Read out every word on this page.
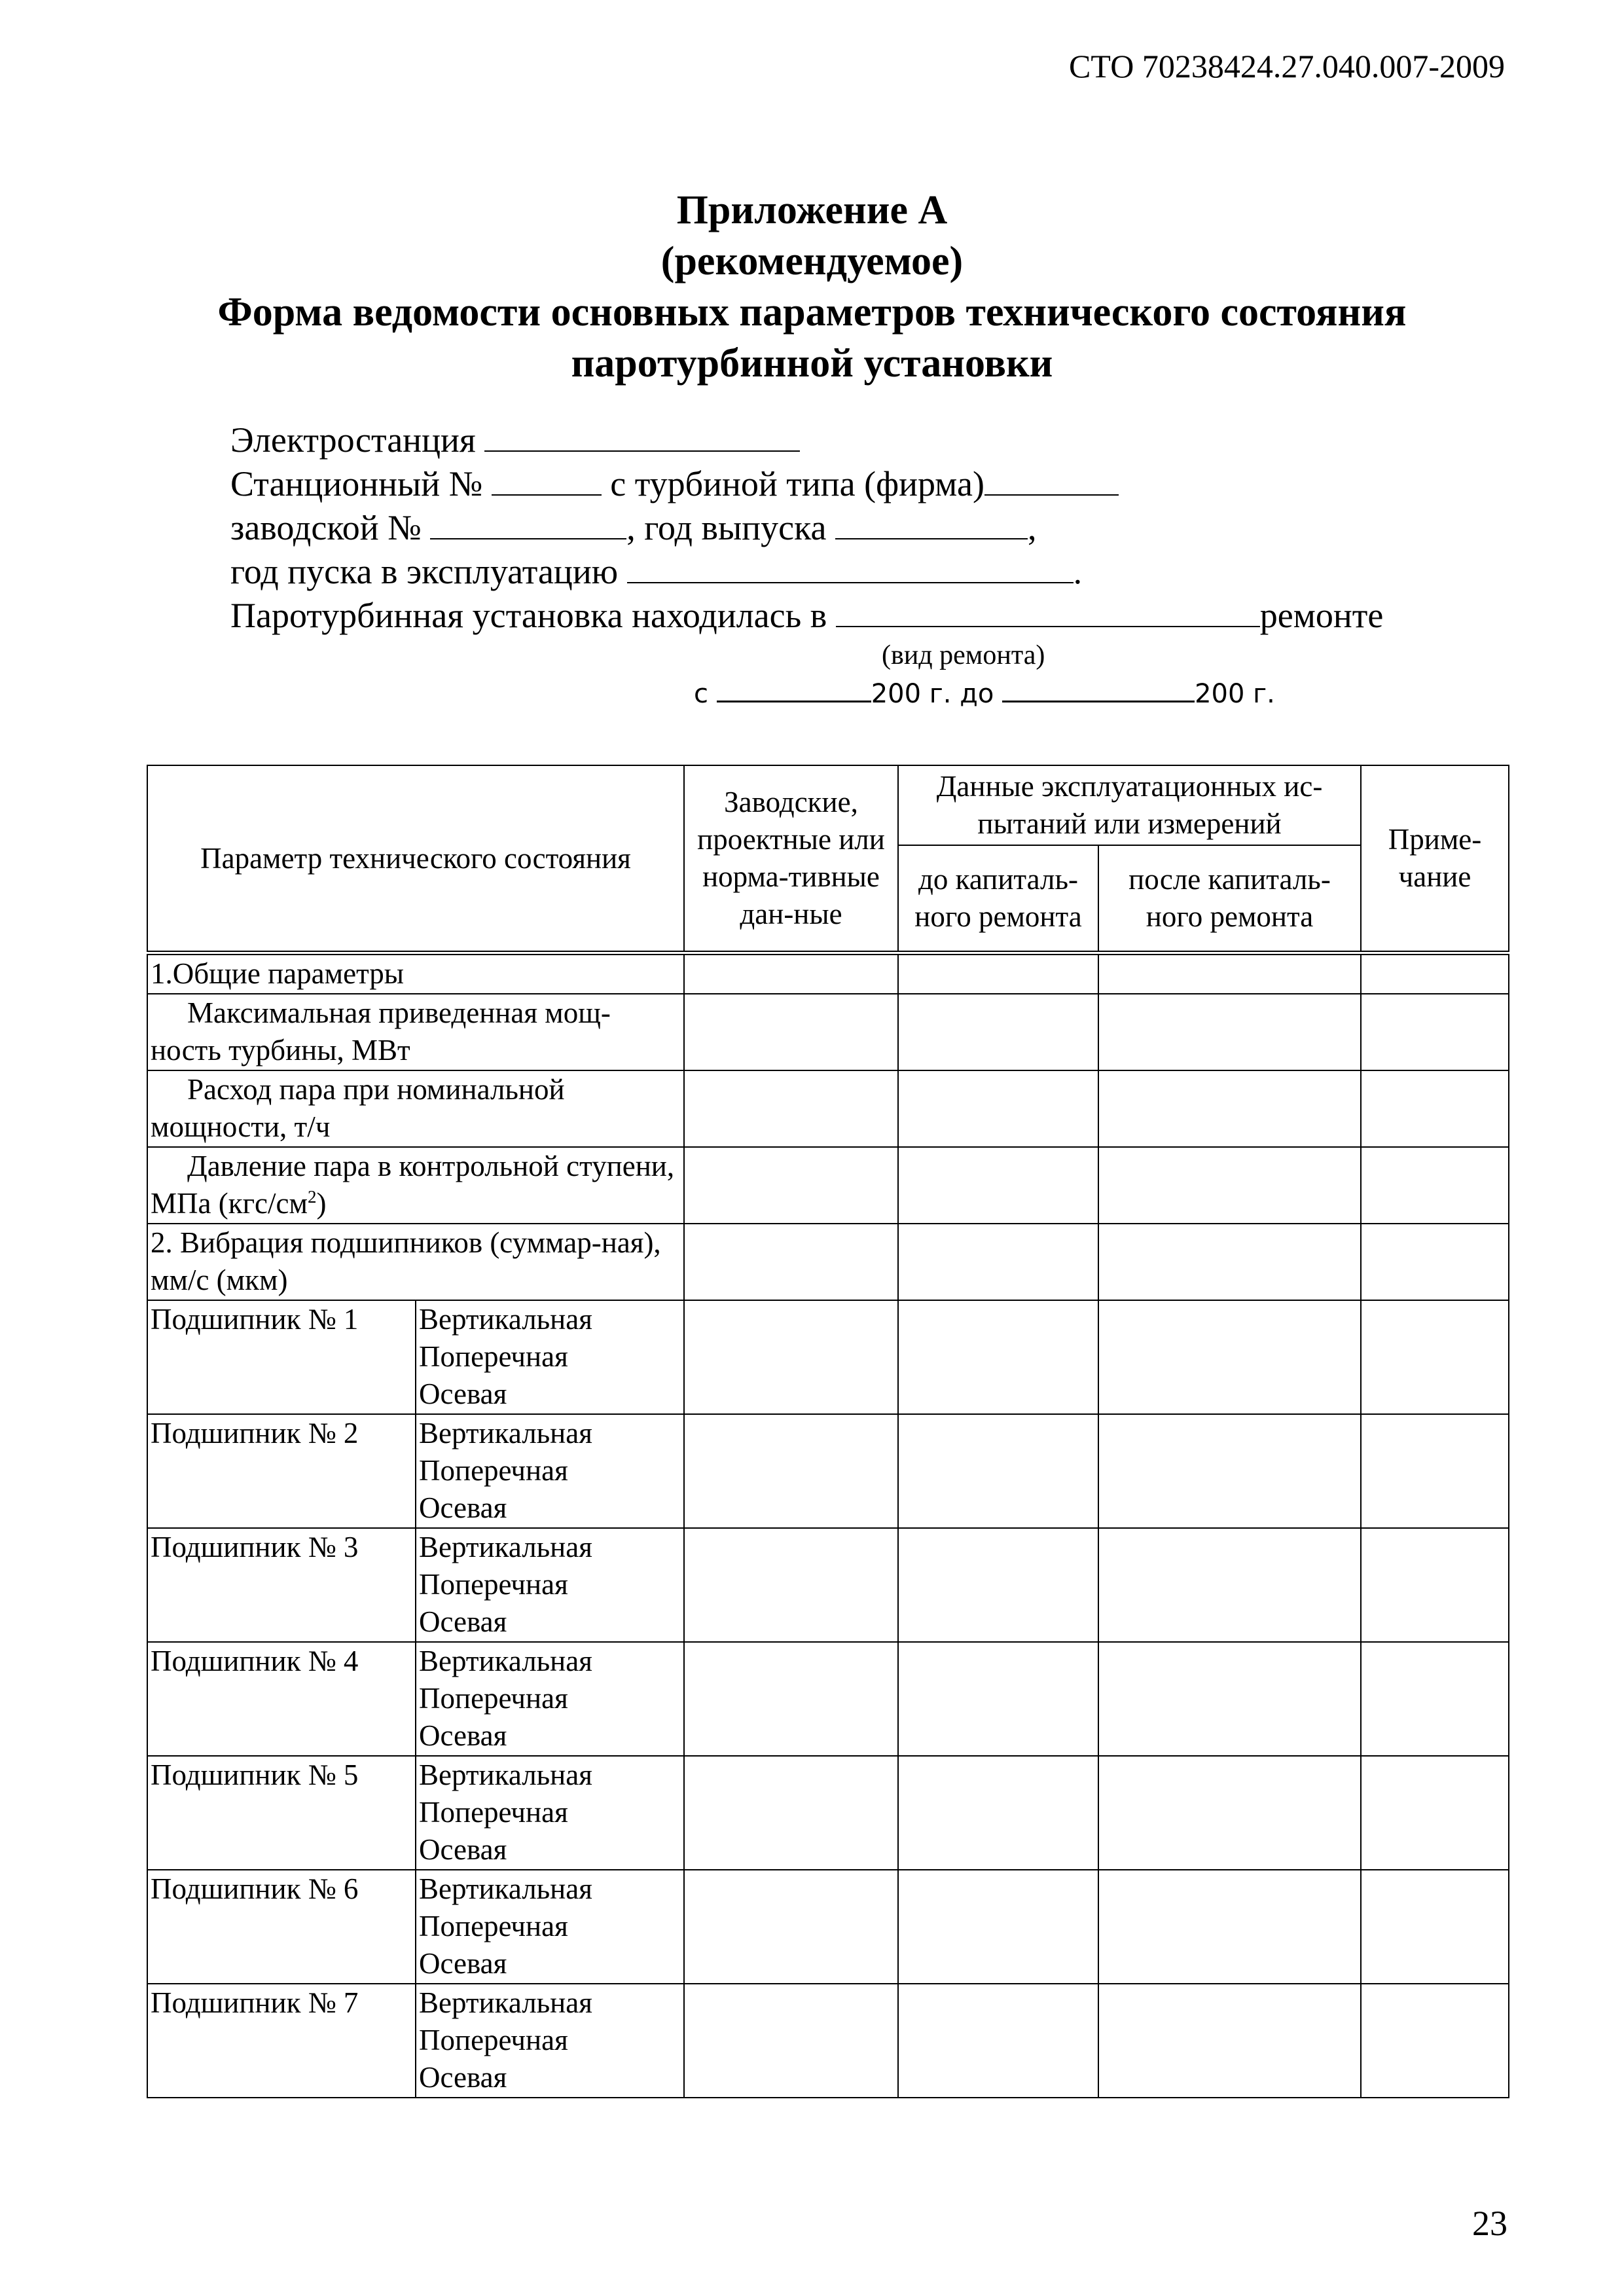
СТО 70238424.27.040.007-2009
Приложение А
(рекомендуемое)
Форма ведомости основных параметров технического состояния
паротурбинной установки
Электростанция
Станционный №	с турбиной типа (фирма)
заводской №	, год выпуска	,
год пуска в эксплуатацию	.
Паротурбинная установка находилась в	ремонте
(вид ремонта)
с	200 г. до	200 г.
Параметр технического состояния		Заводские, проектные или норма-тивные дан-ные	Данные эксплуатационных ис-пытаний или измерений		Приме-чание
			до капиталь-ного ремонта	после капиталь-ного ремонта	
1.Общие параметры					
Максимальная приведенная мощ-ность турбины, МВт					
Расход пара при номинальной мощности, т/ч					
Давление пара в контрольной ступени, МПа $(кгс/см^2)$					
2. Вибрация подшипников (суммар-ная), мм/с (мкм)					
Подшипник № 1	Вертикальная
Поперечная
Осевая				

Подшипник № 2	Вертикальная
Поперечная
Осевая				

Подшипник № 3	Вертикальная
Поперечная
Осевая				

Подшипник № 4	Вертикальная
Поперечная
Осевая				

Подшипник № 5	Вертикальная
Поперечная
Осевая				

Подшипник № 6	Вертикальная
Поперечная
Осевая				

Подшипник № 7	Вертикальная
Поперечная
Осевая				

23
